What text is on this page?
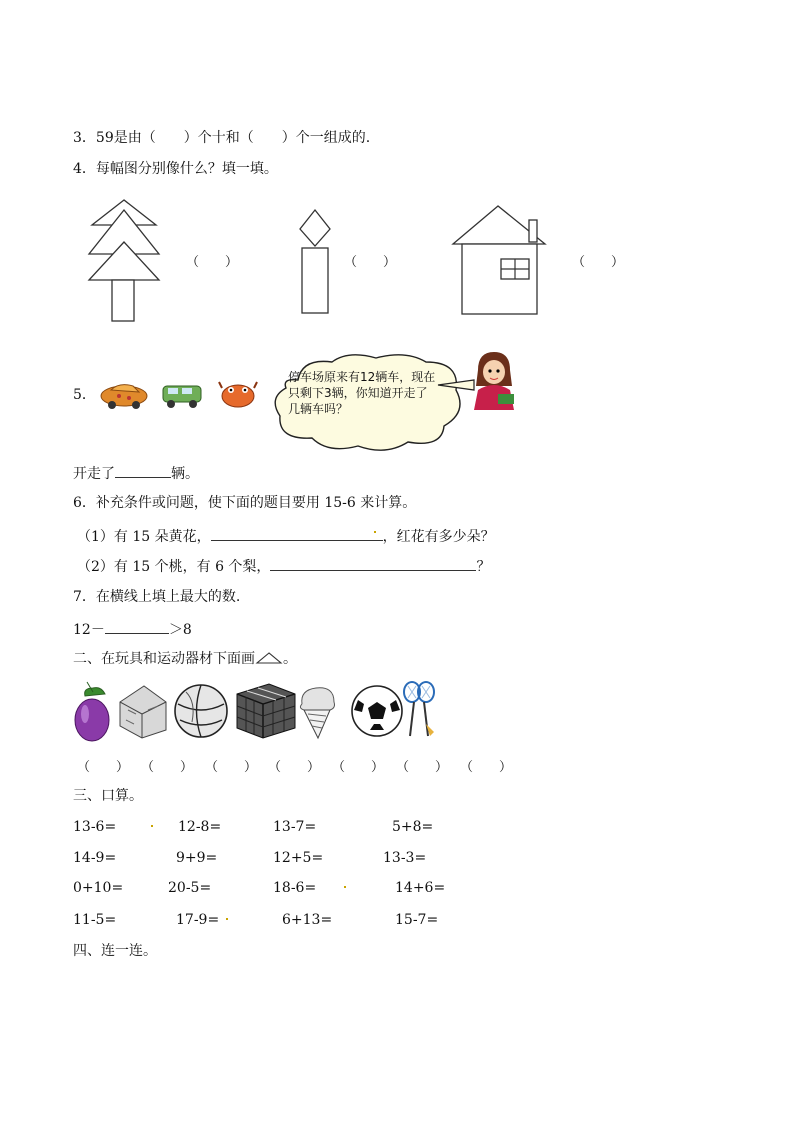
3．59是由（　　）个十和（　　）个一组成的.
4．每幅图分别像什么？填一填。
（　　）	（　　）	（　　）
5．
停车场原来有12辆车，现在只剩下3辆，你知道开走了几辆车吗？
开走了	辆。
6．补充条件或问题，使下面的题目要用 15-6 来计算。
（1）有 15 朵黄花，	，红花有多少朵？
（2）有 15 个桃，有 6 个梨，	？
7．在横线上填上最大的数.
12－	＞8
二、在玩具和运动器材下面画 。
（　　） （　　） （　　） （　　） （　　） （　　） （　　）
三、口算。
13-6=	12-8=	13-7=	5+8=
14-9=	9+9=	12+5=	13-3=
0+10=	20-5=	18-6=	14+6=
11-5=	17-9=	6+13=	15-7=
四、连一连。
